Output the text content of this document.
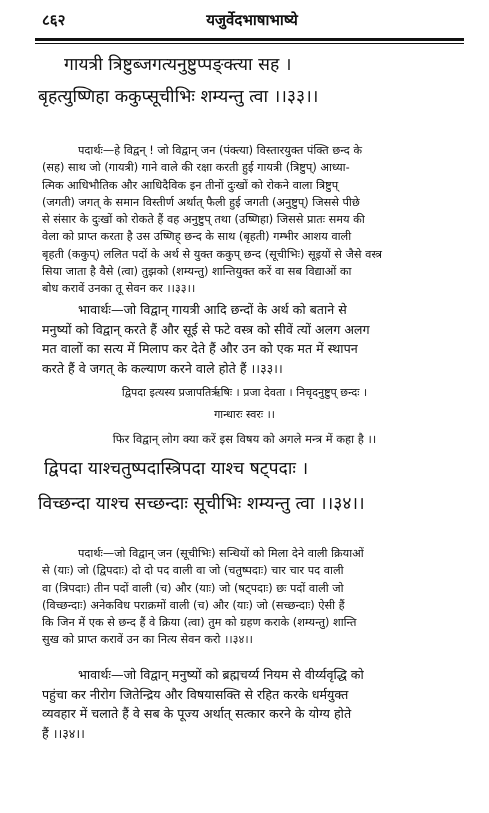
८६२	यजुर्वेदभाषाभाष्ये
गायत्री त्रिष्टुब्जगत्यनुष्टुप्पङ्क्त्या सह ।
बृहत्युष्णिहा ककुप्सूचीभिः शम्यन्तु त्वा ।।३३।।
पदार्थः—हे विद्वन् ! जो विद्वान् जन (पंक्त्या) विस्तारयुक्त पंक्ति छन्द के
(सह) साथ जो (गायत्री) गाने वाले की रक्षा करती हुई गायत्री (त्रिष्टुप्) आध्या-
त्मिक आधिभौतिक और आधिदैविक इन तीनों दुःखों को रोकने वाला त्रिष्टुप्
(जगती) जगत् के समान विस्तीर्ण अर्थात् फैली हुई जगती (अनुष्टुप्) जिससे पीछे
से संसार के दुःखों को रोकते हैं वह अनुष्टुप् तथा (उष्णिहा) जिससे प्रातः समय की
वेला को प्राप्त करता है उस उष्णिह् छन्द के साथ (बृहती) गम्भीर आशय वाली
बृहती (ककुप्) ललित पदों के अर्थ से युक्त ककुप् छन्द (सूचीभिः) सूइयों से जैसे वस्त्र
सिया जाता है वैसे (त्वा) तुझको (शम्यन्तु) शान्तियुक्त करें वा सब विद्याओं का
बोध करावें उनका तू सेवन कर ।।३३।।
भावार्थः—जो विद्वान् गायत्री आदि छन्दों के अर्थ को बताने से
मनुष्यों को विद्वान् करते हैं और सूई से फटे वस्त्र को सीवें त्यों अलग अलग
मत वालों का सत्य में मिलाप कर देते हैं और उन को एक मत में स्थापन
करते हैं वे जगत् के कल्याण करने वाले होते हैं ।।३३।।
द्विपदा इत्यस्य प्रजापतिर्ऋषिः । प्रजा देवता । निचृदनुष्टुप् छन्दः ।
गान्धारः स्वरः ।।
फिर विद्वान् लोग क्या करें इस विषय को अगले मन्त्र में कहा है ।।
द्विपदा याश्चतुष्पदास्त्रिपदा याश्च षट्पदाः ।
विच्छन्दा याश्च सच्छन्दाः सूचीभिः शम्यन्तु त्वा ।।३४।।
पदार्थः—जो विद्वान् जन (सूचीभिः) सन्धियों को मिला देने वाली क्रियाओं
से (याः) जो (द्विपदाः) दो दो पद वाली वा जो (चतुष्पदाः) चार चार पद वाली
वा (त्रिपदाः) तीन पदों वाली (च) और (याः) जो (षट्पदाः) छः पदों वाली जो
(विच्छन्दाः) अनेकविध पराक्रमों वाली (च) और (याः) जो (सच्छन्दाः) ऐसी हैं
कि जिन में एक से छन्द हैं वे क्रिया (त्वा) तुम को ग्रहण कराके (शम्यन्तु) शान्ति
सुख को प्राप्त करावें उन का नित्य सेवन करो ।।३४।।
भावार्थः—जो विद्वान् मनुष्यों को ब्रह्मचर्य्य नियम से वीर्य्यवृद्धि को
पहुंचा कर नीरोग जितेन्द्रिय और विषयासक्ति से रहित करके धर्मयुक्त
व्यवहार में चलाते हैं वे सब के पूज्य अर्थात् सत्कार करने के योग्य होते
हैं ।।३४।।
